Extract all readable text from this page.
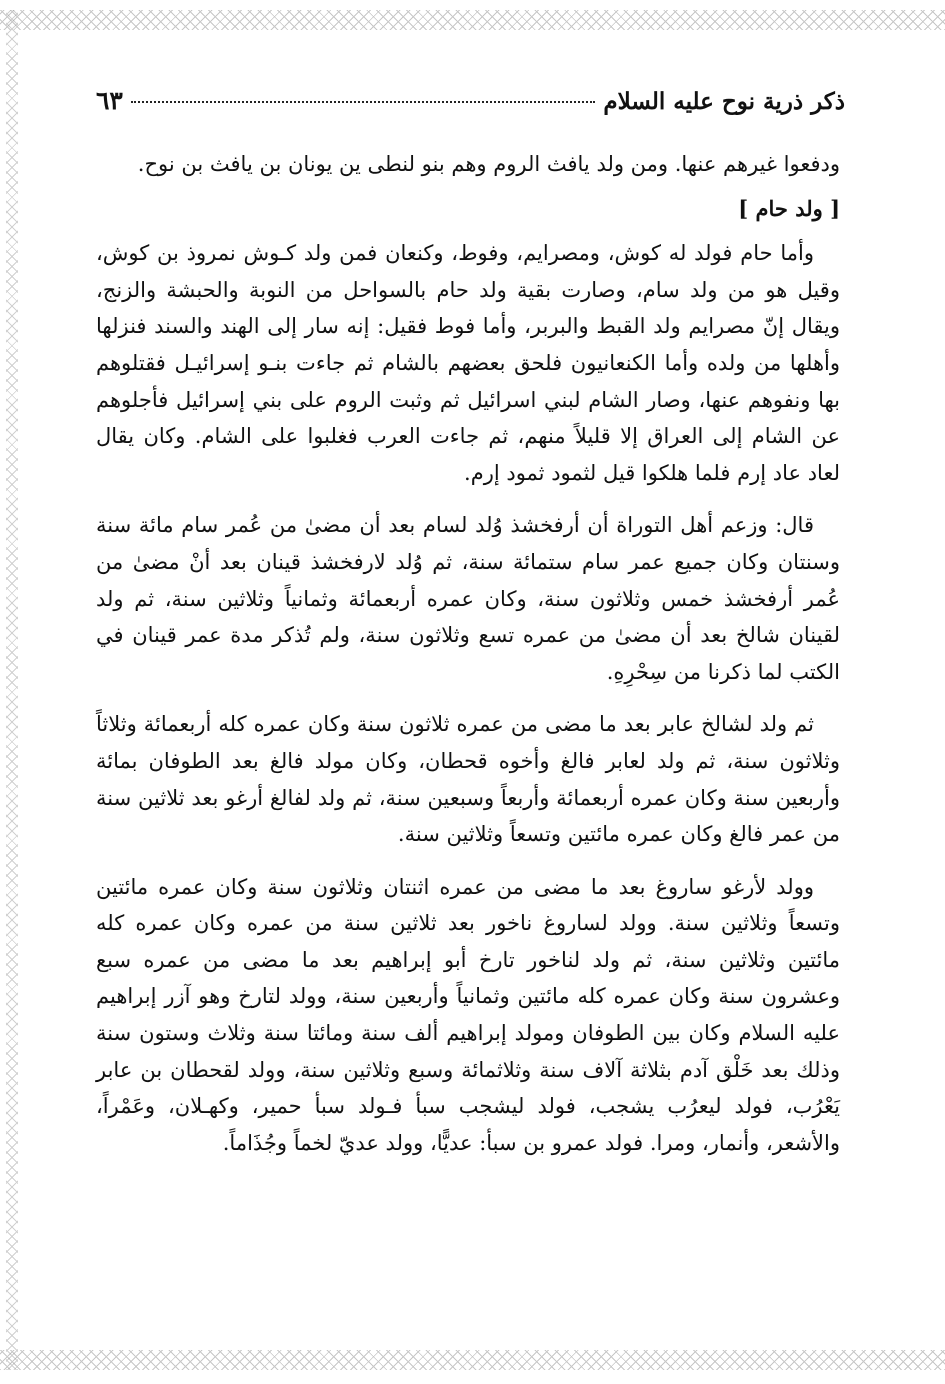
ذكر ذرية نوح عليه السلام
٦٣

ودفعوا غيرهم عنها. ومن ولد يافث الروم وهم بنو لنطى ين يونان بن يافث بن نوح.

[ ولد حام ]

وأما حام فولد له كوش، ومصرايم، وفوط، وكنعان فمن ولد كـوش نمروذ بن كوش، وقيل هو من ولد سام، وصارت بقية ولد حام بالسواحل من النوبة والحبشة والزنج، ويقال إنّ مصرايم ولد القبط والبربر، وأما فوط فقيل: إنه سار إلى الهند والسند فنزلها وأهلها من ولده وأما الكنعانيون فلحق بعضهم بالشام ثم جاءت بنـو إسرائيـل فقتلوهم بها ونفوهم عنها، وصار الشام لبني اسرائيل ثم وثبت الروم على بني إسرائيل فأجلوهم عن الشام إلى العراق إلا قليلاً منهم، ثم جاءت العرب فغلبوا على الشام. وكان يقال لعاد عاد إرم فلما هلكوا قيل لثمود ثمود إرم.

قال: وزعم أهل التوراة أن أرفخشذ وُلد لسام بعد أن مضىٰ من عُمر سام مائة سنة وسنتان وكان جميع عمر سام ستمائة سنة، ثم وُلد لارفخشذ قينان بعد أنْ مضىٰ من عُمر أرفخشذ خمس وثلاثون سنة، وكان عمره أربعمائة وثمانياً وثلاثين سنة، ثم ولد لقينان شالخ بعد أن مضىٰ من عمره تسع وثلاثون سنة، ولم تُذكر مدة عمر قينان في الكتب لما ذكرنا من سِحْرِهِ.

ثم ولد لشالخ عابر بعد ما مضى من عمره ثلاثون سنة وكان عمره كله أربعمائة وثلاثاً وثلاثون سنة، ثم ولد لعابر فالغ وأخوه قحطان، وكان مولد فالغ بعد الطوفان بمائة وأربعين سنة وكان عمره أربعمائة وأربعاً وسبعين سنة، ثم ولد لفالغ أرغو بعد ثلاثين سنة من عمر فالغ وكان عمره مائتين وتسعاً وثلاثين سنة.

وولد لأرغو ساروغ بعد ما مضى من عمره اثنتان وثلاثون سنة وكان عمره مائتين وتسعاً وثلاثين سنة. وولد لساروغ ناخور بعد ثلاثين سنة من عمره وكان عمره كله مائتين وثلاثين سنة، ثم ولد لناخور تارخ أبو إبراهيم بعد ما مضى من عمره سبع وعشرون سنة وكان عمره كله مائتين وثمانياً وأربعين سنة، وولد لتارخ وهو آزر إبراهيم عليه السلام وكان بين الطوفان ومولد إبراهيم ألف سنة ومائتا سنة وثلاث وستون سنة وذلك بعد خَلْق آدم بثلاثة آلاف سنة وثلاثمائة وسبع وثلاثين سنة، وولد لقحطان بن عابر يَعْرُب، فولد ليعرُب يشجب، فولد ليشجب سبأ فـولد سبأ حمير، وكهـلان، وعَمْراً، والأشعر، وأنمار، ومرا. فولد عمرو بن سبأ: عديًّا، وولد عديّ لخماً وجُذَاماً.
